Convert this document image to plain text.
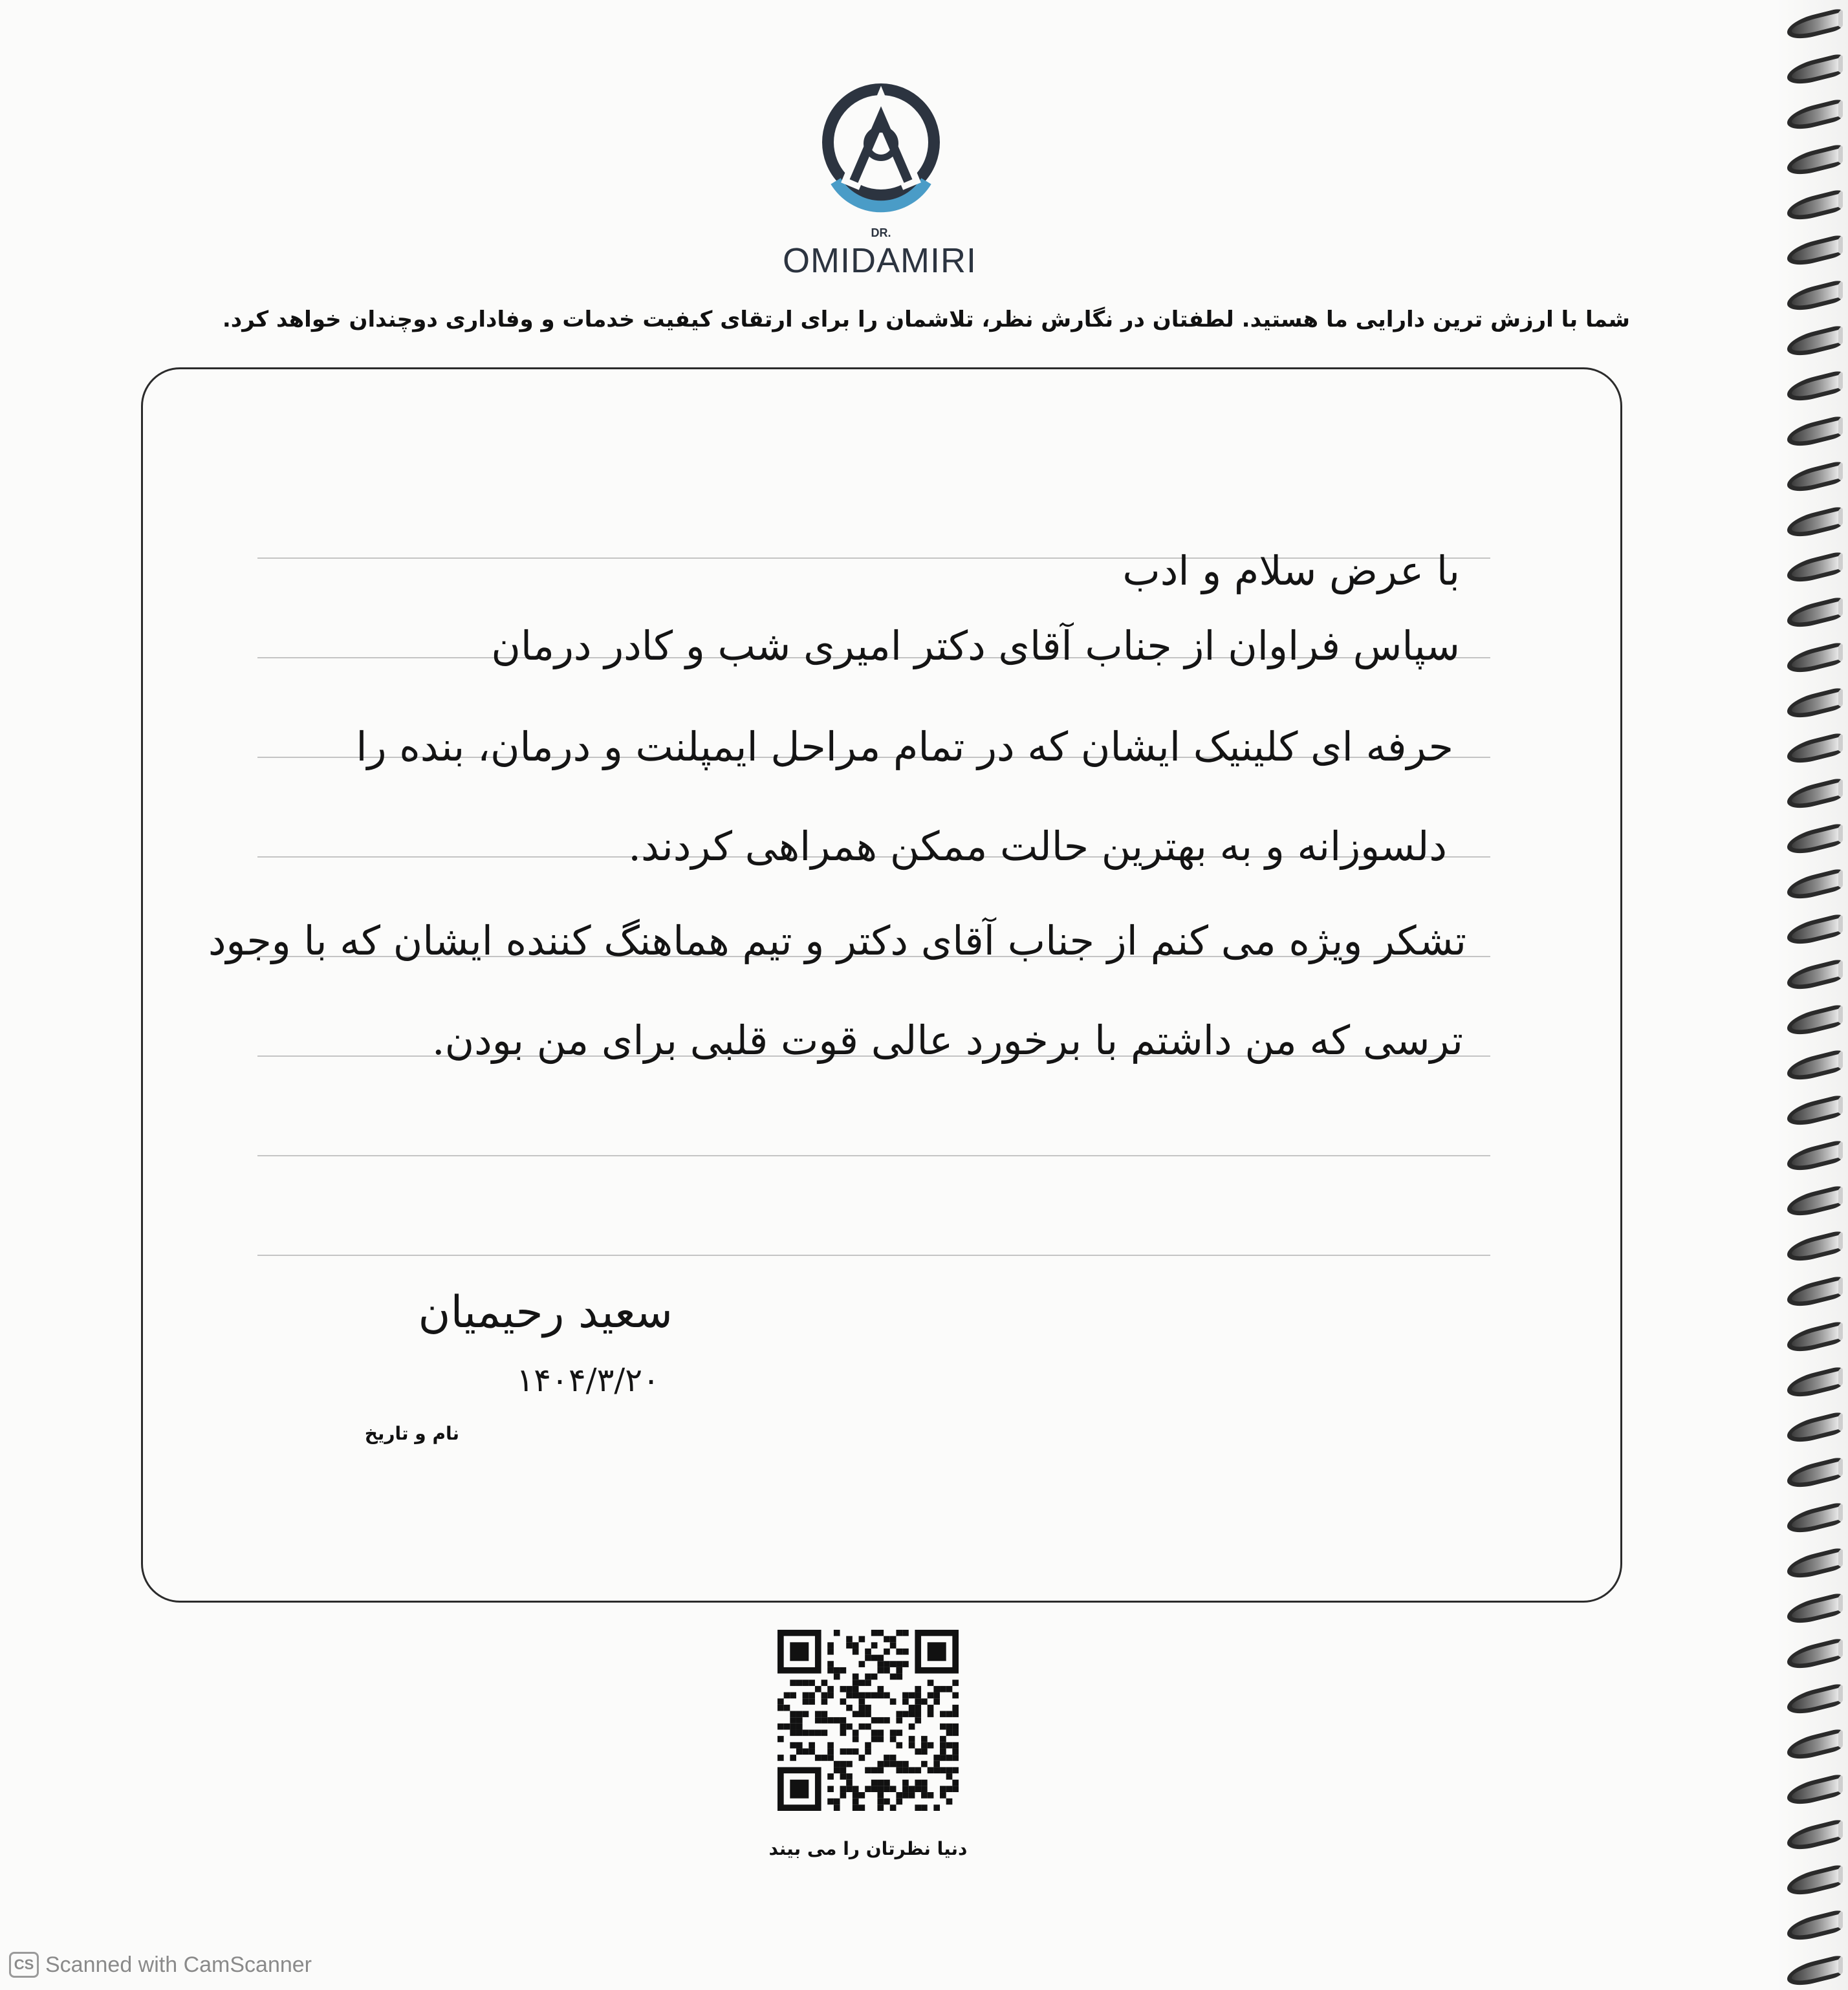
DR.
OMIDAMIRI
شما با ارزش ترین دارایی ما هستید. لطفتان در نگارش نظر، تلاشمان را برای ارتقای کیفیت خدمات و وفاداری دوچندان خواهد کرد.
با عرض سلام و ادب
سپاس فراوان از جناب آقای دکتر امیری شب و کادر درمان
حرفه ای کلینیک ایشان که در تمام مراحل ایمپلنت و درمان، بنده را
دلسوزانه و به بهترین حالت ممکن همراهی کردند.
تشکر ویژه می کنم از جناب آقای دکتر و تیم هماهنگ کننده ایشان که با وجود
ترسی که من داشتم با برخورد عالی قوت قلبی برای من بودن.
سعید رحیمیان
۱۴۰۴/۳/۲۰
نام و تاریخ
دنیا نظرتان را می بیند
CS Scanned with CamScanner
